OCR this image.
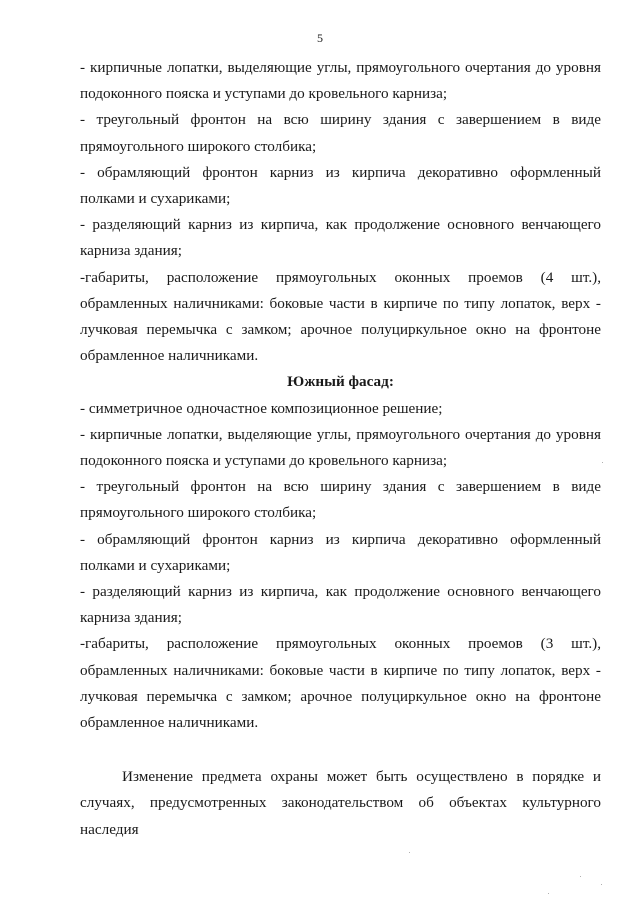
5

- кирпичные лопатки, выделяющие углы, прямоугольного очертания до уровня подоконного пояска и уступами до кровельного карниза;

- треугольный фронтон на всю ширину здания с завершением в виде прямоугольного широкого столбика;

- обрамляющий фронтон карниз из кирпича декоративно оформленный полками и сухариками;

- разделяющий карниз из кирпича, как продолжение основного венчающего карниза здания;

-габариты, расположение прямоугольных оконных проемов (4 шт.), обрамленных наличниками: боковые части в кирпиче по типу лопаток, верх - лучковая перемычка с замком; арочное полуциркульное окно на фронтоне обрамленное наличниками.

Южный фасад:

- симметричное одночастное композиционное решение;

- кирпичные лопатки, выделяющие углы, прямоугольного очертания до уровня подоконного пояска и уступами до кровельного карниза;

- треугольный фронтон на всю ширину здания с завершением в виде прямоугольного широкого столбика;

- обрамляющий фронтон карниз из кирпича декоративно оформленный полками и сухариками;

- разделяющий карниз из кирпича, как продолжение основного венчающего карниза здания;

-габариты, расположение прямоугольных оконных проемов (3 шт.), обрамленных наличниками: боковые части в кирпиче по типу лопаток, верх - лучковая перемычка с замком; арочное полуциркульное окно на фронтоне обрамленное наличниками.

Изменение предмета охраны может быть осуществлено в порядке и случаях, предусмотренных законодательством об объектах культурного наследия
